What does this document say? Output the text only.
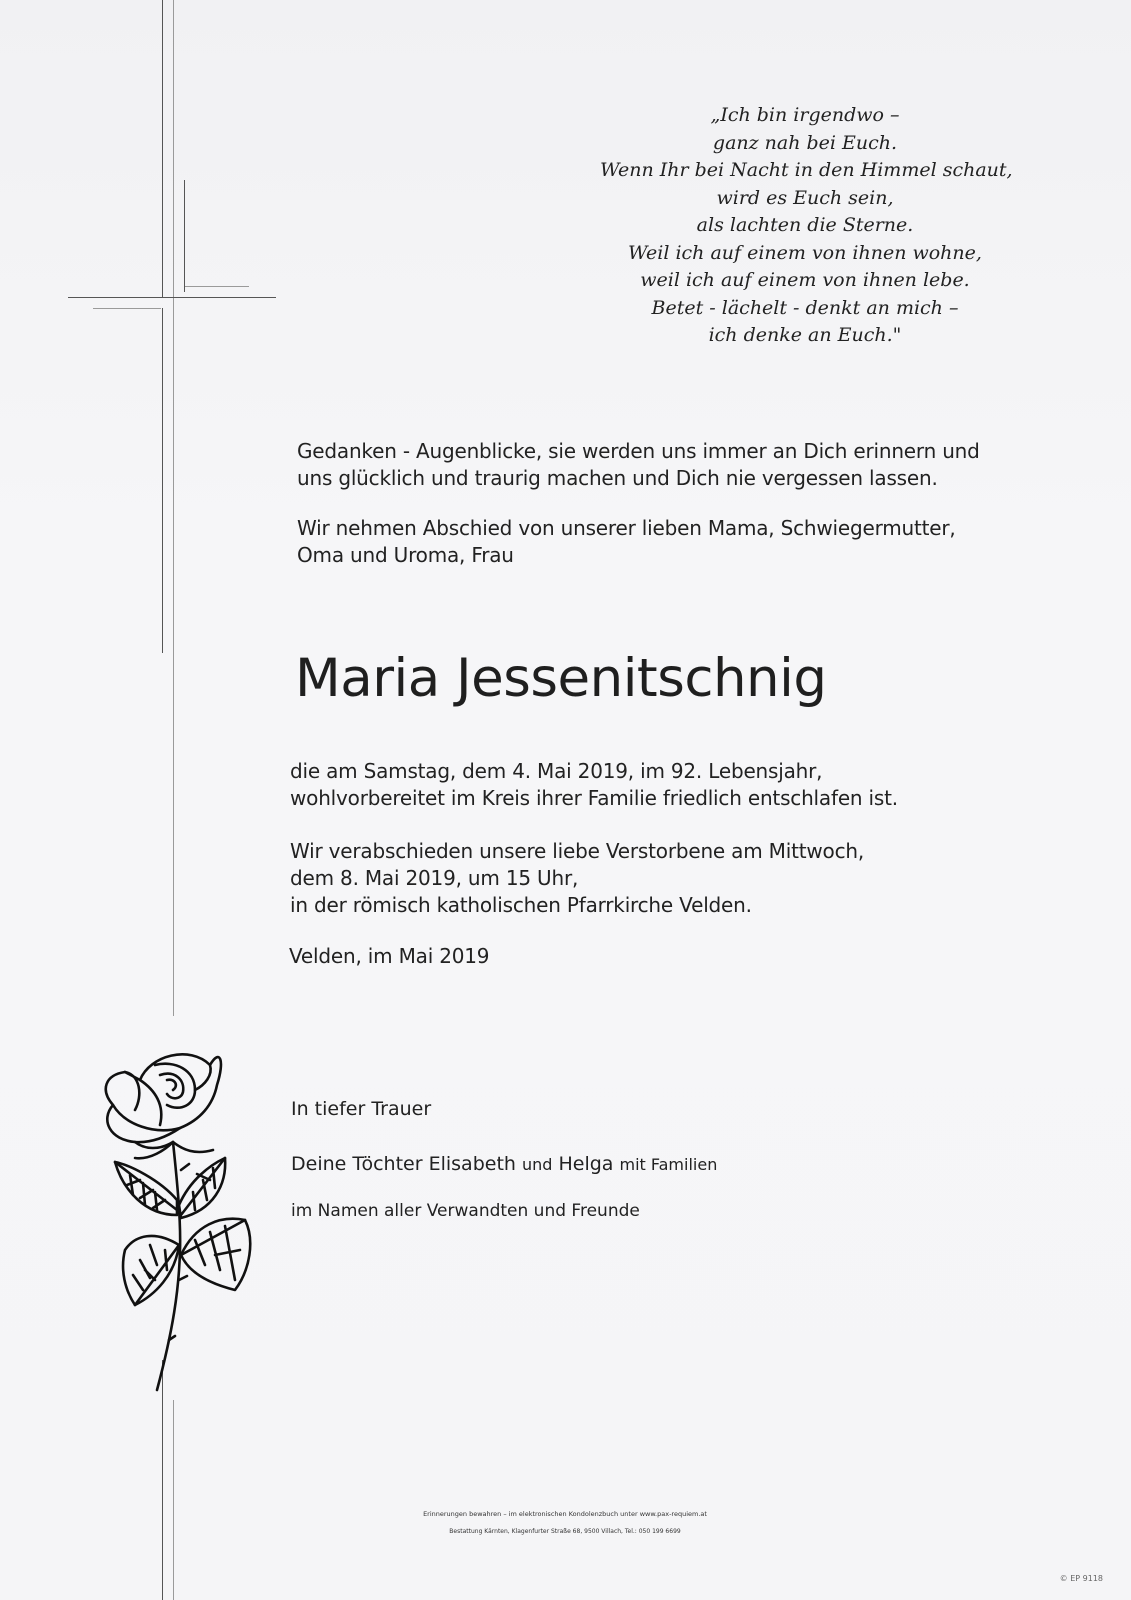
„Ich bin irgendwo –
ganz nah bei Euch.
Wenn Ihr bei Nacht in den Himmel schaut,
wird es Euch sein,
als lachten die Sterne.
Weil ich auf einem von ihnen wohne,
weil ich auf einem von ihnen lebe.
Betet - lächelt - denkt an mich –
ich denke an Euch."
Gedanken - Augenblicke, sie werden uns immer an Dich erinnern und
uns glücklich und traurig machen und Dich nie vergessen lassen.
Wir nehmen Abschied von unserer lieben Mama, Schwiegermutter,
Oma und Uroma, Frau
Maria Jessenitschnig
die am Samstag, dem 4. Mai 2019, im 92. Lebensjahr,
wohlvorbereitet im Kreis ihrer Familie friedlich entschlafen ist.
Wir verabschieden unsere liebe Verstorbene am Mittwoch,
dem 8. Mai 2019, um 15 Uhr,
in der römisch katholischen Pfarrkirche Velden.
Velden, im Mai 2019
In tiefer Trauer
Deine Töchter Elisabeth und Helga mit Familien
im Namen aller Verwandten und Freunde
Erinnerungen bewahren – im elektronischen Kondolenzbuch unter www.pax-requiem.at
Bestattung Kärnten, Klagenfurter Straße 68, 9500 Villach, Tel.: 050 199 6699
© EP 9118
